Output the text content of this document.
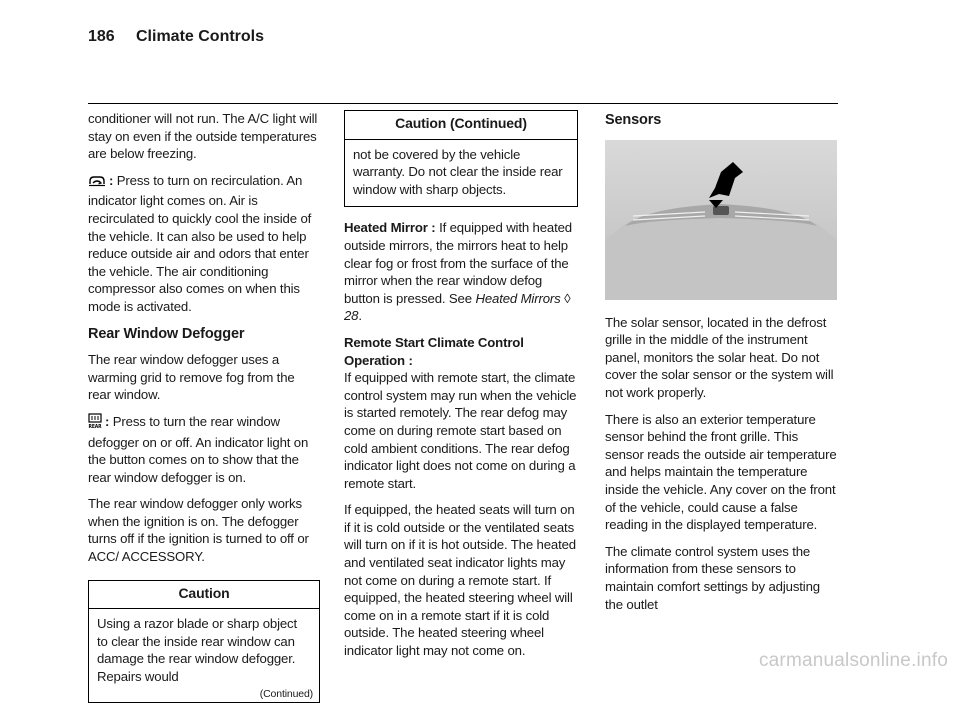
186 Climate Controls

conditioner will not run. The A/C light will stay on even if the outside temperatures are below freezing.

: Press to turn on recirculation. An indicator light comes on. Air is recirculated to quickly cool the inside of the vehicle. It can also be used to help reduce outside air and odors that enter the vehicle. The air conditioning compressor also comes on when this mode is activated.

Rear Window Defogger

The rear window defogger uses a warming grid to remove fog from the rear window.

REAR : Press to turn the rear window defogger on or off. An indicator light on the button comes on to show that the rear window defogger is on.

The rear window defogger only works when the ignition is on. The defogger turns off if the ignition is turned to off or ACC/ ACCESSORY.

Caution
Using a razor blade or sharp object to clear the inside rear window can damage the rear window defogger. Repairs would
(Continued)
Caution (Continued)
not be covered by the vehicle warranty. Do not clear the inside rear window with sharp objects.

Heated Mirror : If equipped with heated outside mirrors, the mirrors heat to help clear fog or frost from the surface of the mirror when the rear window defog button is pressed. See Heated Mirrors ◊ 28.

Remote Start Climate Control Operation :
If equipped with remote start, the climate control system may run when the vehicle is started remotely. The rear defog may come on during remote start based on cold ambient conditions. The rear defog indicator light does not come on during a remote start.

If equipped, the heated seats will turn on if it is cold outside or the ventilated seats will turn on if it is hot outside. The heated and ventilated seat indicator lights may not come on during a remote start. If equipped, the heated steering wheel will come on in a remote start if it is cold outside. The heated steering wheel indicator light may not come on.

Sensors

The solar sensor, located in the defrost grille in the middle of the instrument panel, monitors the solar heat. Do not cover the solar sensor or the system will not work properly.

There is also an exterior temperature sensor behind the front grille. This sensor reads the outside air temperature and helps maintain the temperature inside the vehicle. Any cover on the front of the vehicle, could cause a false reading in the displayed temperature.

The climate control system uses the information from these sensors to maintain comfort settings by adjusting the outlet

carmanualsonline.info
